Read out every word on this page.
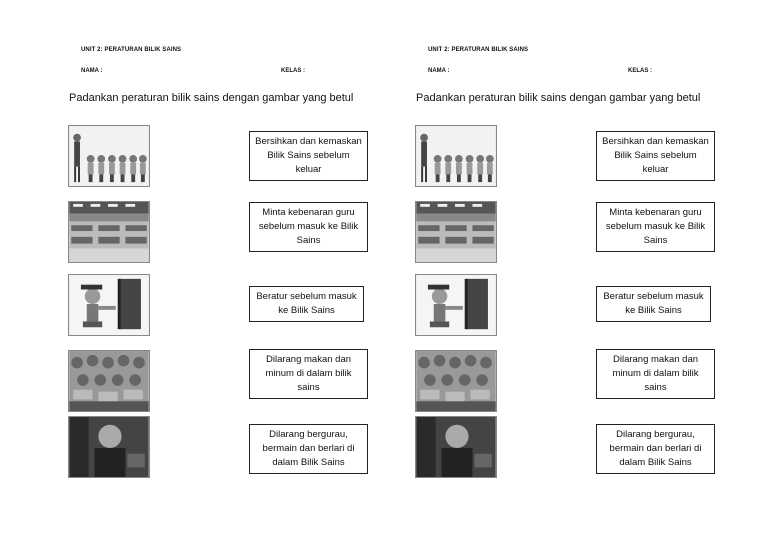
UNIT 2: PERATURAN BILIK SAINS
NAMA :	KELAS :
Padankan peraturan bilik sains dengan gambar yang betul
Bersihkan dan kemaskan Bilik Sains sebelum keluar
Minta kebenaran guru sebelum masuk ke Bilik Sains
Beratur sebelum masuk ke Bilik Sains
Dilarang makan dan minum di dalam bilik sains
Dilarang bergurau, bermain dan berlari di dalam Bilik Sains
UNIT 2: PERATURAN BILIK SAINS
NAMA :	KELAS :
Padankan peraturan bilik sains dengan gambar yang betul
Bersihkan dan kemaskan Bilik Sains sebelum keluar
Minta kebenaran guru sebelum masuk ke Bilik Sains
Beratur sebelum masuk ke Bilik Sains
Dilarang makan dan minum di dalam bilik sains
Dilarang bergurau, bermain dan berlari di dalam Bilik Sains
